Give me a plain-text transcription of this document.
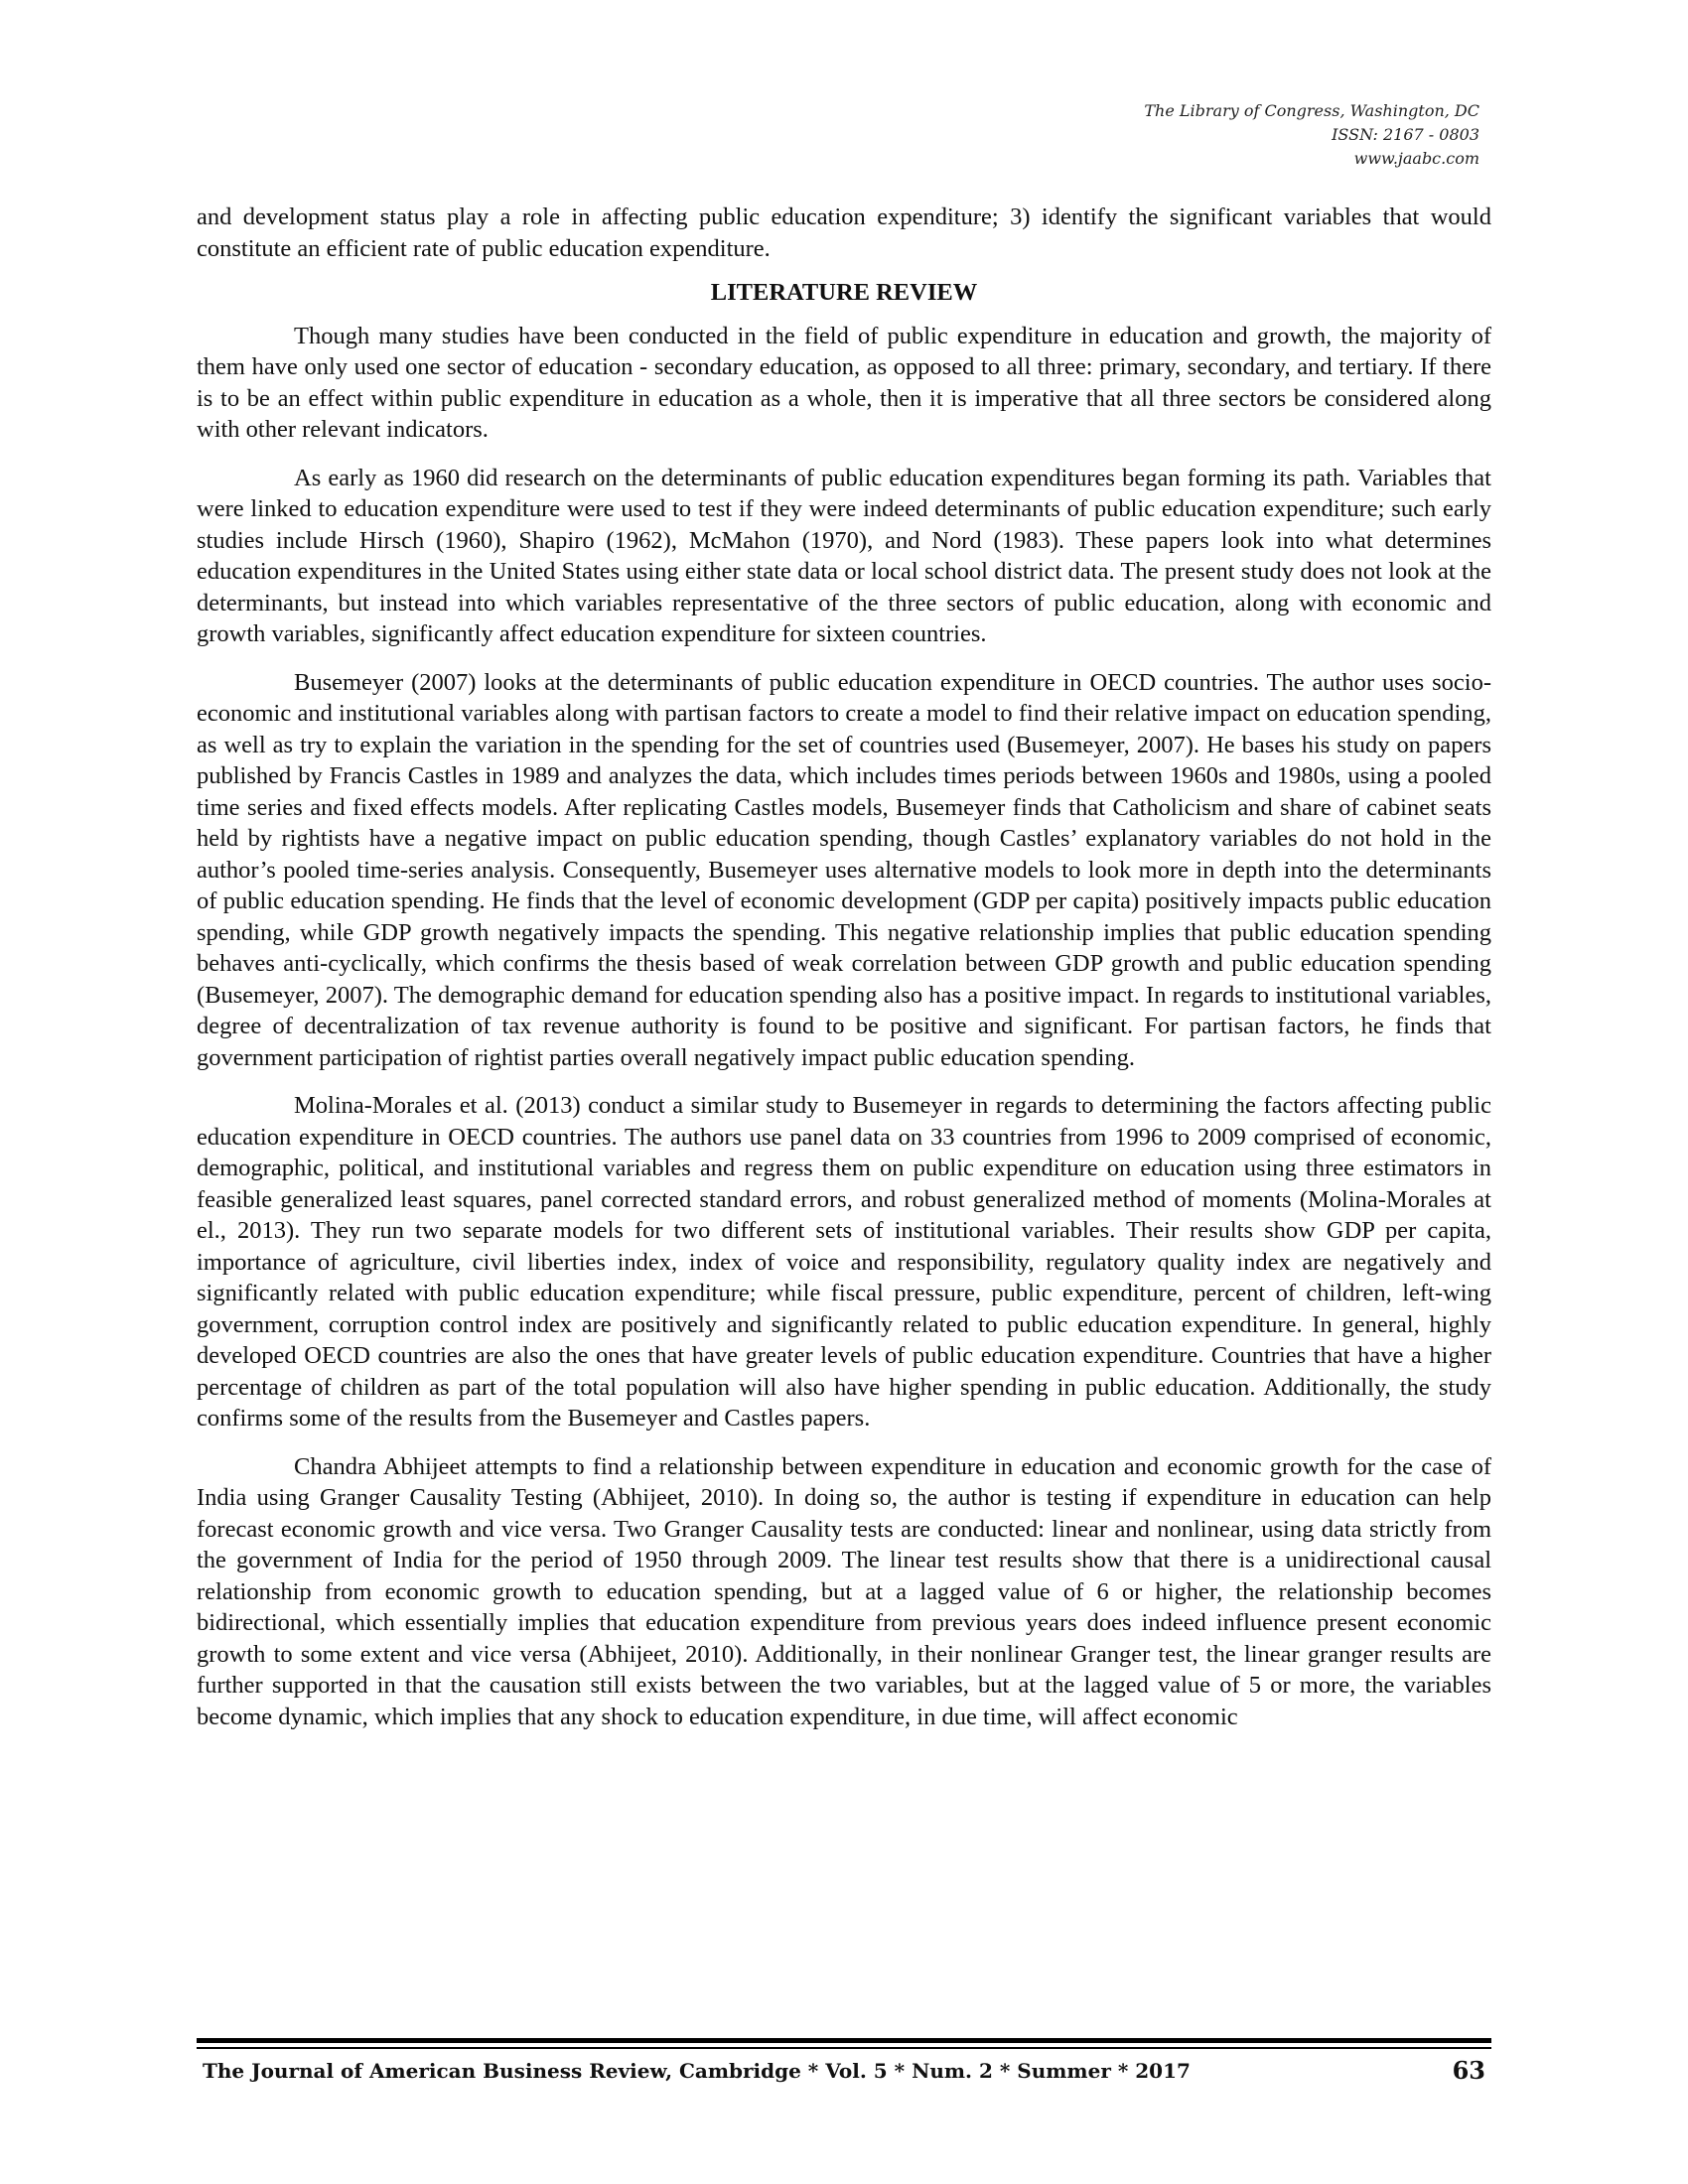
The Library of Congress, Washington, DC
ISSN: 2167 - 0803
www.jaabc.com

and development status play a role in affecting public education expenditure; 3) identify the significant variables that would constitute an efficient rate of public education expenditure.

LITERATURE REVIEW

Though many studies have been conducted in the field of public expenditure in education and growth, the majority of them have only used one sector of education - secondary education, as opposed to all three: primary, secondary, and tertiary. If there is to be an effect within public expenditure in education as a whole, then it is imperative that all three sectors be considered along with other relevant indicators.

As early as 1960 did research on the determinants of public education expenditures began forming its path. Variables that were linked to education expenditure were used to test if they were indeed determinants of public education expenditure; such early studies include Hirsch (1960), Shapiro (1962), McMahon (1970), and Nord (1983). These papers look into what determines education expenditures in the United States using either state data or local school district data. The present study does not look at the determinants, but instead into which variables representative of the three sectors of public education, along with economic and growth variables, significantly affect education expenditure for sixteen countries.

Busemeyer (2007) looks at the determinants of public education expenditure in OECD countries. The author uses socio-economic and institutional variables along with partisan factors to create a model to find their relative impact on education spending, as well as try to explain the variation in the spending for the set of countries used (Busemeyer, 2007). He bases his study on papers published by Francis Castles in 1989 and analyzes the data, which includes times periods between 1960s and 1980s, using a pooled time series and fixed effects models. After replicating Castles models, Busemeyer finds that Catholicism and share of cabinet seats held by rightists have a negative impact on public education spending, though Castles’ explanatory variables do not hold in the author’s pooled time-series analysis. Consequently, Busemeyer uses alternative models to look more in depth into the determinants of public education spending. He finds that the level of economic development (GDP per capita) positively impacts public education spending, while GDP growth negatively impacts the spending. This negative relationship implies that public education spending behaves anti-cyclically, which confirms the thesis based of weak correlation between GDP growth and public education spending (Busemeyer, 2007). The demographic demand for education spending also has a positive impact. In regards to institutional variables, degree of decentralization of tax revenue authority is found to be positive and significant. For partisan factors, he finds that government participation of rightist parties overall negatively impact public education spending.

Molina-Morales et al. (2013) conduct a similar study to Busemeyer in regards to determining the factors affecting public education expenditure in OECD countries. The authors use panel data on 33 countries from 1996 to 2009 comprised of economic, demographic, political, and institutional variables and regress them on public expenditure on education using three estimators in feasible generalized least squares, panel corrected standard errors, and robust generalized method of moments (Molina-Morales at el., 2013). They run two separate models for two different sets of institutional variables. Their results show GDP per capita, importance of agriculture, civil liberties index, index of voice and responsibility, regulatory quality index are negatively and significantly related with public education expenditure; while fiscal pressure, public expenditure, percent of children, left-wing government, corruption control index are positively and significantly related to public education expenditure. In general, highly developed OECD countries are also the ones that have greater levels of public education expenditure. Countries that have a higher percentage of children as part of the total population will also have higher spending in public education. Additionally, the study confirms some of the results from the Busemeyer and Castles papers.

Chandra Abhijeet attempts to find a relationship between expenditure in education and economic growth for the case of India using Granger Causality Testing (Abhijeet, 2010). In doing so, the author is testing if expenditure in education can help forecast economic growth and vice versa. Two Granger Causality tests are conducted: linear and nonlinear, using data strictly from the government of India for the period of 1950 through 2009. The linear test results show that there is a unidirectional causal relationship from economic growth to education spending, but at a lagged value of 6 or higher, the relationship becomes bidirectional, which essentially implies that education expenditure from previous years does indeed influence present economic growth to some extent and vice versa (Abhijeet, 2010). Additionally, in their nonlinear Granger test, the linear granger results are further supported in that the causation still exists between the two variables, but at the lagged value of 5 or more, the variables become dynamic, which implies that any shock to education expenditure, in due time, will affect economic

The Journal of American Business Review, Cambridge * Vol. 5 * Num. 2 * Summer * 2017	63
